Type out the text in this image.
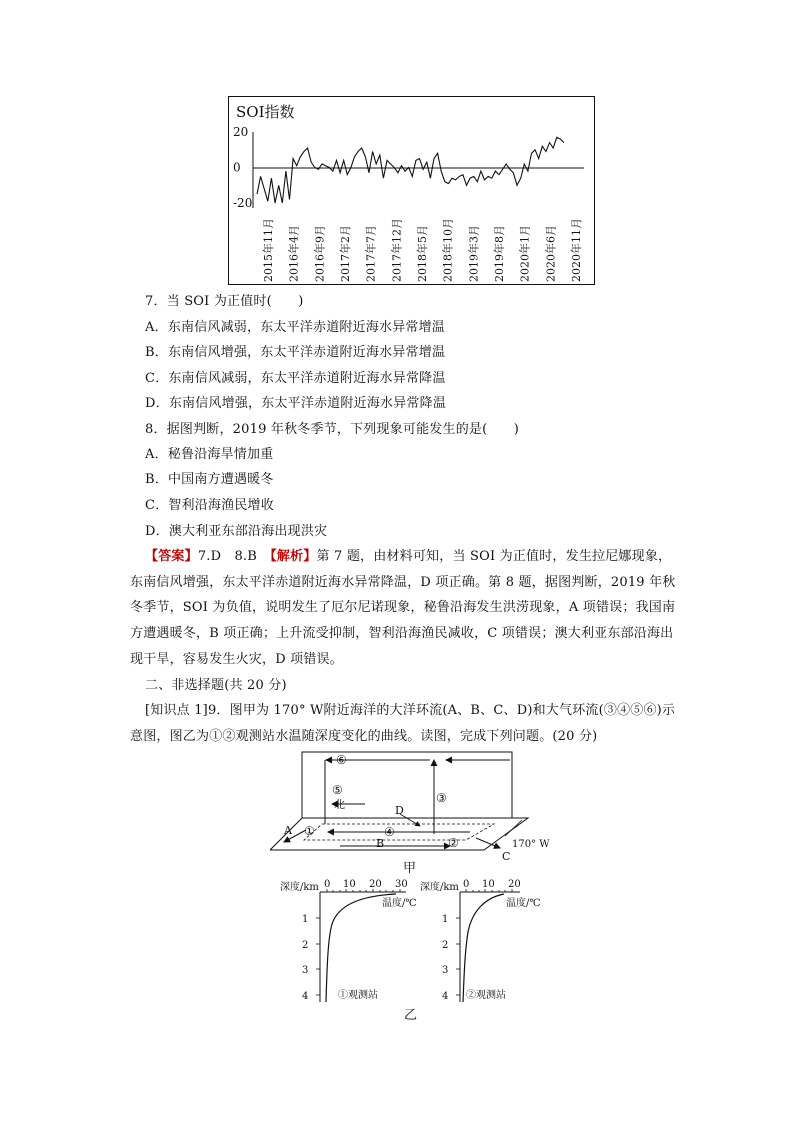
SOI指数
20
0
-20
2015年11月 2016年4月 2016年9月 2017年2月 2017年7月 2017年12月 2018年5月 2018年10月 2019年3月 2019年8月 2020年1月 2020年6月 2020年11月
7．当 SOI 为正值时(　　)
A．东南信风减弱，东太平洋赤道附近海水异常增温
B．东南信风增强，东太平洋赤道附近海水异常增温
C．东南信风减弱，东太平洋赤道附近海水异常降温
D．东南信风增强，东太平洋赤道附近海水异常降温
8．据图判断，2019 年秋冬季节，下列现象可能发生的是(　　)
A．秘鲁沿海旱情加重
B．中国南方遭遇暖冬
C．智利沿海渔民增收
D．澳大利亚东部沿海出现洪灾
【答案】7.D　8.B　【解析】第 7 题，由材料可知，当 SOI 为正值时，发生拉尼娜现象，
东南信风增强，东太平洋赤道附近海水异常降温，D 项正确。第 8 题，据图判断，2019 年秋
冬季节，SOI 为负值，说明发生了厄尔尼诺现象，秘鲁沿海发生洪涝现象，A 项错误；我国南
方遭遇暖冬，B 项正确；上升流受抑制，智利沿海渔民减收，C 项错误；澳大利亚东部沿海出
现干旱，容易发生火灾，D 项错误。
二、非选择题(共 20 分)
[知识点 1]9．图甲为 170° W附近海洋的大洋环流(A、B、C、D)和大气环流(③④⑤⑥)示
意图，图乙为①②观测站水温随深度变化的曲线。读图，完成下列问题。(20 分)
⑥
⑤
北	③
D
A ①	④
B	②
C
170° W
甲
深度/km 0 10 20 30
温度/℃
1
2
3
4	①观测站
深度/km 0 10 20
温度/℃
1
2
3
4 ②观测站
乙
